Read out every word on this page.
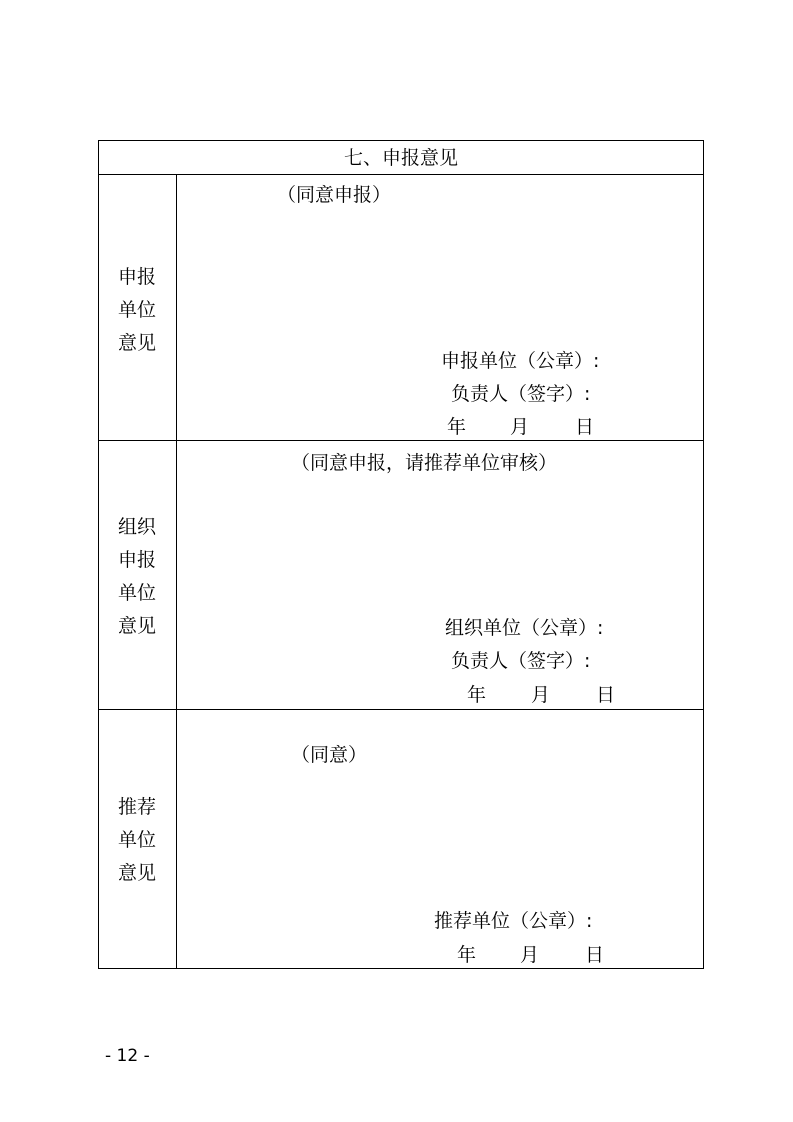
七、申报意见
申报
单位
意见
（同意申报）
申报单位（公章）:
负责人（签字）:
年 月 日
组织
申报
单位
意见
（同意申报，请推荐单位审核）
组织单位（公章）:
负责人（签字）:
年 月 日
推荐
单位
意见
（同意）
推荐单位（公章）:
年 月 日
- 12 -
